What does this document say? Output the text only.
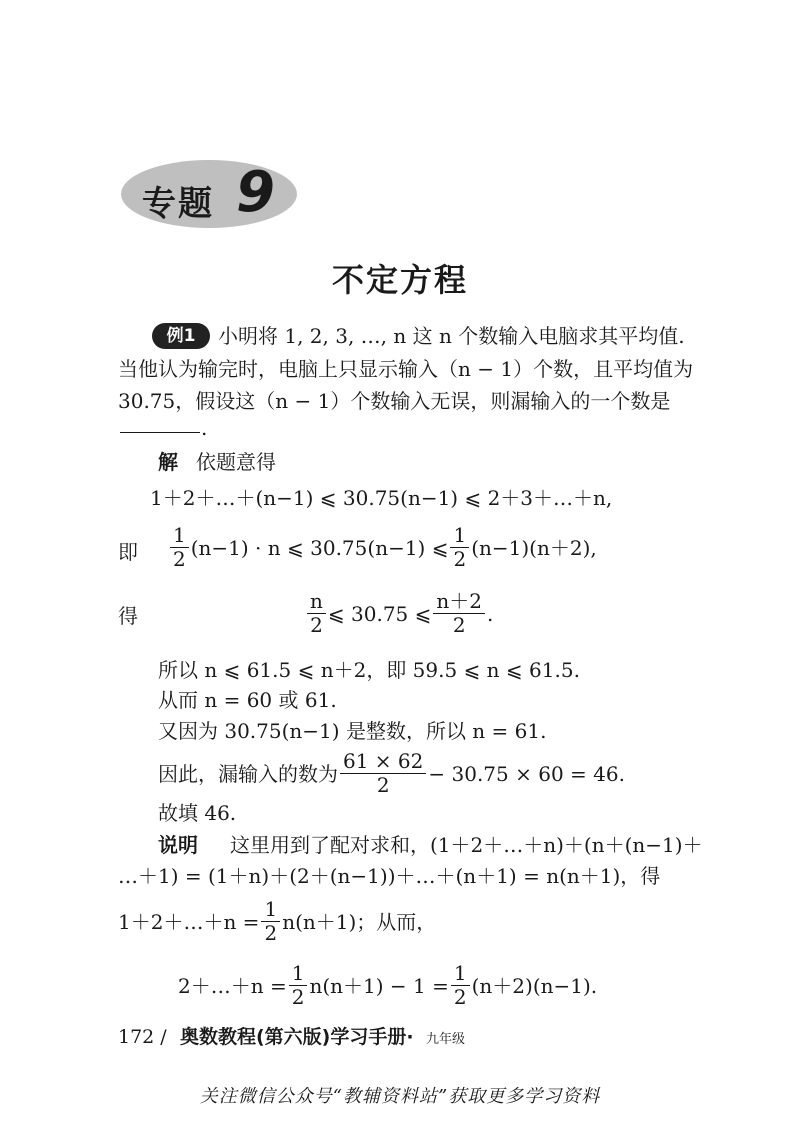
专题 9
不定方程
例1	小明将 1, 2, 3, …, n 这 n 个数输入电脑求其平均值.
当他认为输完时，电脑上只显示输入（n − 1）个数，且平均值为
30.75，假设这（n − 1）个数输入无误，则漏输入的一个数是
.
解 依题意得
1＋2＋…＋(n−1) ⩽ 30.75(n−1) ⩽ 2＋3＋…＋n,
即 $\frac{1}{2} (n-1) \cdot n$ ⩽ 30.75(n−1) ⩽ $\frac{1}{2} (n-1)(n+2)$,
得	$\frac{n}{2}$ ⩽ 30.75 ⩽ $\frac{n+2}{2}$ .
所以 n ⩽ 61.5 ⩽ n＋2，即 59.5 ⩽ n ⩽ 61.5.
从而 n = 60 或 61.
又因为 30.75(n−1) 是整数，所以 n = 61.
因此，漏输入的数为 $\frac{61 \times 62}{2} - 30.75 \times 60 = 46$.
故填 46.
说明 这里用到了配对求和，(1＋2＋…＋n)＋(n＋(n−1)＋
…＋1) = (1＋n)＋(2＋(n−1))＋…＋(n＋1) = n(n＋1)，得
1＋2＋…＋n = $\frac{1}{2} n(n+1)$；从而，
2＋…＋n = $\frac{1}{2} n(n+1) - 1 = \frac{1}{2} (n+2)(n-1)$.
172 / 奥数教程(第六版)学习手册· 九年级
关注微信公众号“教辅资料站”获取更多学习资料
